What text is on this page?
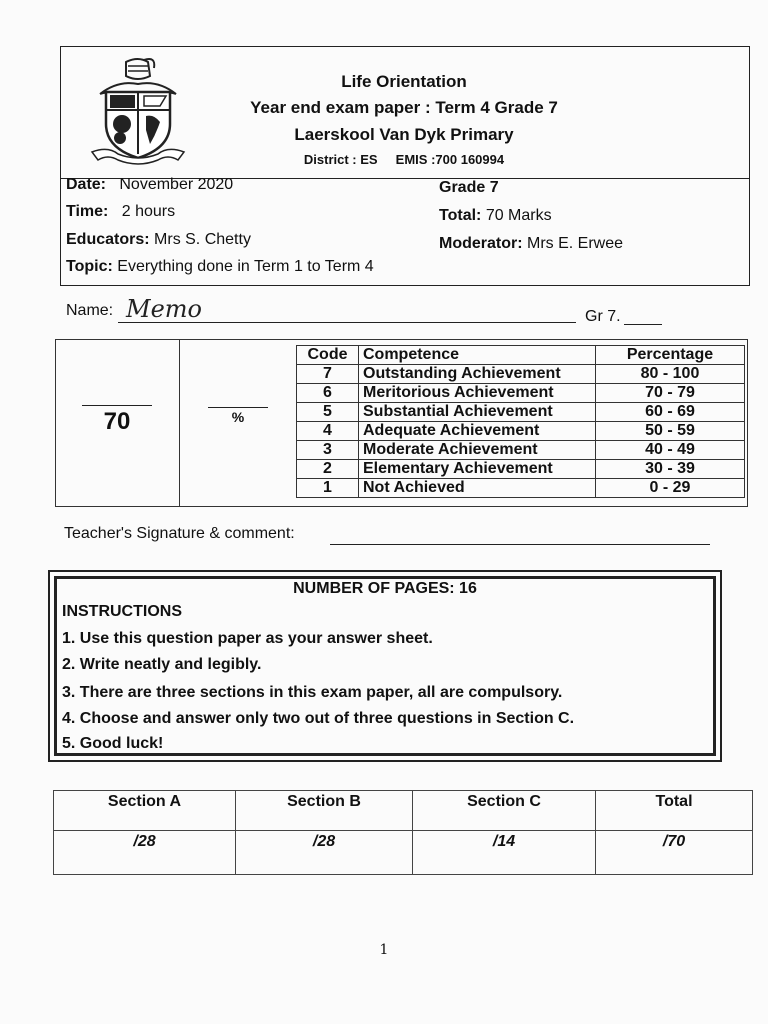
Life Orientation
Year end exam paper : Term 4 Grade 7
Laerskool Van Dyk Primary
District : ES EMIS :700 160994
Date: November 2020
Time: 2 hours
Educators: Mrs S. Chetty
Topic: Everything done in Term 1 to Term 4
Grade 7
Total: 70 Marks
Moderator: Mrs E. Erwee
Name: Memo	Gr 7.
70	%
Code	Competence	Percentage
7	Outstanding Achievement	80 - 100
6	Meritorious Achievement	70 - 79
5	Substantial Achievement	60 - 69
4	Adequate Achievement	50 - 59
3	Moderate Achievement	40 - 49
2	Elementary Achievement	30 - 39
1	Not Achieved	0 - 29
Teacher's Signature & comment:
NUMBER OF PAGES: 16
INSTRUCTIONS
1. Use this question paper as your answer sheet.
2. Write neatly and legibly.
3. There are three sections in this exam paper, all are compulsory.
4. Choose and answer only two out of three questions in Section C.
5. Good luck!
Section A	Section B	Section C	Total
/28	/28	/14	/70
1
